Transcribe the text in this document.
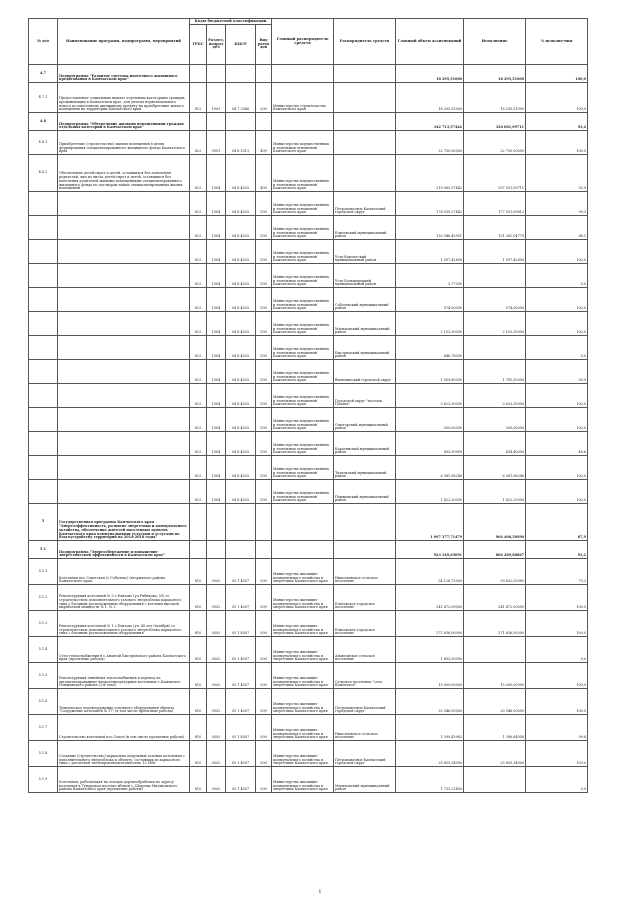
№ п/п	Наименование программ, подпрограмм, мероприятий	Коды бюджетной классификации				Главный распорядитель средств	Распорядитель средств	Главный объем ассигнований	Исполнение	% исполне-ния
		ГРБС	Раздел, подраздел	КЦСР	Вид расходов					
4.7	Подпрограмма "Развитие системы ипотечного жилищного кредитования в Камчатском крае"							18 295,51000	18 295,51000	100,0
4.7.1	Предоставление социальных выплат отдельным категориям граждан, проживающим в Камчатском крае, для уплаты первоначального взноса по ипотечному жилищному кредиту на приобретение жилого помещения на территории Камчатского края	812	1003	04 7 2046	300	Министерство строительства Камчатского края		18 295,51000	18 295,51000	100,0
4.8	Подпрограмма "Обеспечение жилыми помещениями граждан отдельных категорий в Камчатском крае"							342 713,57442	320 081,09711	93,4
4.8.1	Приобретение (строительство) жилых помещений в целях формирования специализированного жилищного фонда Камчатского края	822	0501	04 8 1013	400	Министерство имущественных и земельных отношений Камчатского края		22 750,00000	22 750,00000	100,0
4.8.2	Обеспечение детей-сирот и детей, оставшихся без попечения родителей, лиц из числа детей-сирот и детей, оставшихся без попечения родителей жилыми помещениями специализированного жилищного фонда по договорам найма специализированных жилых помещений	822	1004	04 8 4025	400	Министерство имущественных и земельных отношений Камчатского края		319 963,57442	297 331,09711	92,9
		822	1004	04 8 4025	500	Министерство имущественных и земельных отношений Камчатского края	Петропавловск-Камчатский городской округ	178 539,27442	177 331,09812	99,3
		822	1004	04 8 4025	500	Министерство имущественных и земельных отношений Камчатского края	Елизовский муниципальный район	120 346,45951	101 262,04779	84,1
		822	1004	04 8 4025	500	Министерство имущественных и земельных отношений Камчатского края	Усть-Камчатский муниципальный район	1 597,42800	1 597,42800	100,0
		822	1004	04 8 4025	500	Министерство имущественных и земельных отношений Камчатского края	Усть-Большерецкий муниципальный район	3,77000		0,0
		822	1004	04 8 4025	500	Министерство имущественных и земельных отношений Камчатского края	Соболевский муниципальный район	574,00000	574,00000	100,0
		822	1004	04 8 4025	500	Министерство имущественных и земельных отношений Камчатского края	Мильковский муниципальный район	2 103,30000	2 103,30000	100,0
		822	1004	04 8 4025	500	Министерство имущественных и земельных отношений Камчатского края	Быстринский муниципальный район	846,78000		0,0
		822	1004	04 8 4025	500	Министерство имущественных и земельных отношений Камчатского края	Вилючинский городской округ	1 959,80000	1 781,50000	90,9
		822	1004	04 8 4025	500	Министерство имущественных и земельных отношений Камчатского края	Городской округ "поселок Палана"	3 623,30000	3 623,30000	100,0
		822	1004	04 8 4025	500	Министерство имущественных и земельных отношений Камчатского края	Олюторский муниципальный район	300,00000	300,00000	100,0
		822	1004	04 8 4025	500	Министерство имущественных и земельных отношений Камчатского края	Карагинский муниципальный район	893,90909	434,40000	48,6
		822	1004	04 8 4025	500	Министерство имущественных и земельных отношений Камчатского края	Тигильский муниципальный район	6 381,96246	6 381,96246	100,0
		822	1004	04 8 4025	500	Министерство имущественных и земельных отношений Камчатского края	Пенжинский муниципальный район	1 422,20000	1 422,20000	100,0
5	Государственная программа Камчатского края "Энергоэффективность, развитие энергетики и коммунального хозяйства, обеспечение жителей населенных пунктов Камчатского края коммунальными услугами и услугами по благоустройству территорий на 2014-2018 годы"							1 097 277,71479	964 406,56990	87,9
5.1	Подпрограмма "Энергосбережение и повышение энергетической эффективности в Камчатском крае"							923 349,65691	860 289,88867	93,2
5.1.1	Котельная пос.Советская (с.Соболево) (вторичного района Камчатского края	810	0502	05 1 4007	500	Министерство жилищно-коммунального хозяйства и энергетики Камчатского края	Николаевское сельское поселение	54 126,72000	39 632,03083	73,2
5.1.2	Реконструкция котельной № 2 г.Елизово (ул.Рябикова, 59) со строительством дополнительного газового энергоблока каркасного типа с блочным расположением оборудования с котлами высокой выработкой мощности № 1, № 2	810	0502	05 1 4007	500	Министерство жилищно-коммунального хозяйства и энергетики Камчатского края	Елизовское городское поселение	241 472,00000	241 472,00000	100,0
5.1.3	Реконструкция котельной № 1 г.Елизово (ул. 40 лет Октября) со строительством дополнительного газового энергоблока каркасного типа с блочным расположением оборудования	810	0502	05 1 4007	500	Министерство жилищно-коммунального хозяйства и энергетики Камчатского края	Елизовское городское поселение	271 636,00000	271 636,00000	100,0
5.1.4	Сети теплоснабжения в с.Анавгай Быстринского района Камчатского края (проектные работы)	810	0502	05 1 4007	500	Министерство жилищно-коммунального хозяйства и энергетики Камчатского края	Анавгайское сельское поселение	1 893,50000		0,0
5.1.5	Реконструкция линейных теплоснабжения в перевод на автоматизированные низкотемпературные котельные с.Каменское Пенжинского района (2-й этап)	810	0502	05 1 4007	500	Министерство жилищно-коммунального хозяйства и энергетики Камчатского края	Сельское поселение "село Каменское"	15 000,00000	15 000,00000	100,0
5.1.6	Техническое перевооружение основного оборудования объекта "Сооружение котельной № 17" (в том числе проектные работы)	810	0502	05 1 4007	500	Министерство жилищно-коммунального хозяйства и энергетики Камчатского края	Петропавловск-Камчатский городской округ	20 346,00000	20 346,00000	100,0
5.1.7	Строительство котельной пос.Сокоч (в том числе проектные работы)	810	0502	05 1 4007	500	Министерство жилищно-коммунального хозяйства и энергетики Камчатского края	Николаевское сельское поселение	1 399,43983	1 396,64958	99,8
5.1.8	Создание (строительство) каркасных модульных газовых котельных с дополнительного энергоблока к объекту, состоящих из каркасного типа с расчетной теплопроизводительностью 15 МВт	810	0502	05 1 4007	500	Министерство жилищно-коммунального хозяйства и энергетики Камчатского края	Петропавловск-Камчатский городской округ	25 855,34000	25 855,34000	100,0
5.1.9	Котельная, работающая на отходах деревообработки по адресу: котельная в Тундровом поселке вблизи с. Шаромы Мильковского района Камчатского края (проектные работы)	810	0502	05 1 4007	500	Министерство жилищно-коммунального хозяйства и энергетики Камчатского края	Мильковский муниципальный район	1 731,21400		0,0
1
